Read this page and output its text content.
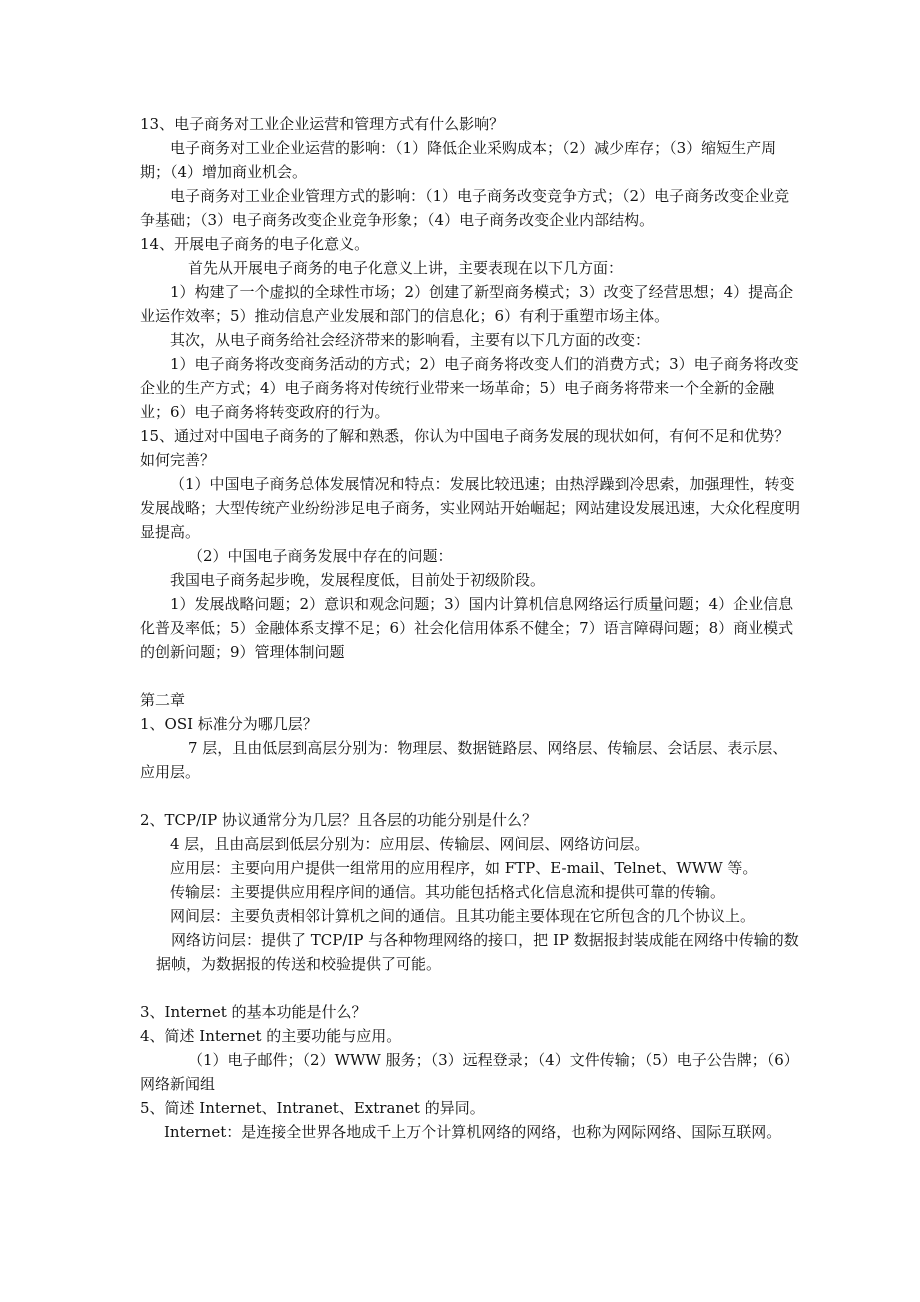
13、电子商务对工业企业运营和管理方式有什么影响？

电子商务对工业企业运营的影响：（1）降低企业采购成本；（2）减少库存；（3）缩短生产周期；（4）增加商业机会。

电子商务对工业企业管理方式的影响：（1）电子商务改变竞争方式；（2）电子商务改变企业竞争基础；（3）电子商务改变企业竞争形象；（4）电子商务改变企业内部结构。

14、开展电子商务的电子化意义。

首先从开展电子商务的电子化意义上讲，主要表现在以下几方面：

1）构建了一个虚拟的全球性市场；2）创建了新型商务模式；3）改变了经营思想；4）提高企业运作效率；5）推动信息产业发展和部门的信息化；6）有利于重塑市场主体。

其次，从电子商务给社会经济带来的影响看，主要有以下几方面的改变：

1）电子商务将改变商务活动的方式；2）电子商务将改变人们的消费方式；3）电子商务将改变企业的生产方式；4）电子商务将对传统行业带来一场革命；5）电子商务将带来一个全新的金融业；6）电子商务将转变政府的行为。

15、通过对中国电子商务的了解和熟悉，你认为中国电子商务发展的现状如何，有何不足和优势？如何完善？

（1）中国电子商务总体发展情况和特点：发展比较迅速；由热浮躁到冷思索，加强理性，转变发展战略；大型传统产业纷纷涉足电子商务，实业网站开始崛起；网站建设发展迅速，大众化程度明显提高。

（2）中国电子商务发展中存在的问题：

我国电子商务起步晚，发展程度低，目前处于初级阶段。

1）发展战略问题；2）意识和观念问题；3）国内计算机信息网络运行质量问题；4）企业信息化普及率低；5）金融体系支撑不足；6）社会化信用体系不健全；7）语言障碍问题；8）商业模式的创新问题；9）管理体制问题

第二章

1、OSI 标准分为哪几层？

7 层，且由低层到高层分别为：物理层、数据链路层、网络层、传输层、会话层、表示层、应用层。

2、TCP/IP 协议通常分为几层？且各层的功能分别是什么？

4 层，且由高层到低层分别为：应用层、传输层、网间层、网络访问层。

应用层：主要向用户提供一组常用的应用程序，如 FTP、E-mail、Telnet、WWW 等。

传输层：主要提供应用程序间的通信。其功能包括格式化信息流和提供可靠的传输。

网间层：主要负责相邻计算机之间的通信。且其功能主要体现在它所包含的几个协议上。

网络访问层：提供了 TCP/IP 与各种物理网络的接口，把 IP 数据报封装成能在网络中传输的数据帧，为数据报的传送和校验提供了可能。

3、Internet 的基本功能是什么？

4、简述 Internet 的主要功能与应用。

（1）电子邮件；（2）WWW 服务；（3）远程登录；（4）文件传输；（5）电子公告牌；（6）网络新闻组

5、简述 Internet、Intranet、Extranet 的异同。

Internet：是连接全世界各地成千上万个计算机网络的网络，也称为网际网络、国际互联网。
